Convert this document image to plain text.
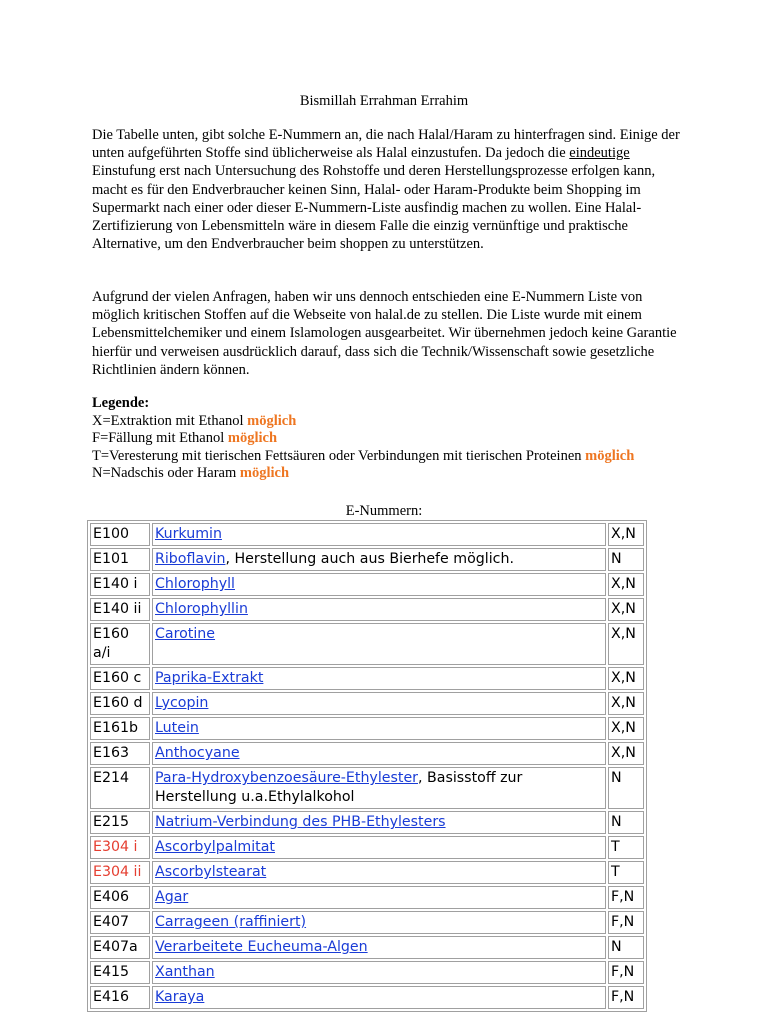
Bismillah Errahman Errahim

Die Tabelle unten, gibt solche E-Nummern an, die nach Halal/Haram zu hinterfragen sind. Einige der unten aufgeführten Stoffe sind üblicherweise als Halal einzustufen. Da jedoch die eindeutige Einstufung erst nach Untersuchung des Rohstoffe und deren Herstellungsprozesse erfolgen kann, macht es für den Endverbraucher keinen Sinn, Halal- oder Haram-Produkte beim Shopping im Supermarkt nach einer oder dieser E-Nummern-Liste ausfindig machen zu wollen. Eine Halal-Zertifizierung von Lebensmitteln wäre in diesem Falle die einzig vernünftige und praktische Alternative, um den Endverbraucher beim shoppen zu unterstützen.

Aufgrund der vielen Anfragen, haben wir uns dennoch entschieden eine E-Nummern Liste von möglich kritischen Stoffen auf die Webseite von halal.de zu stellen. Die Liste wurde mit einem Lebensmittelchemiker und einem Islamologen ausgearbeitet. Wir übernehmen jedoch keine Garantie hierfür und verweisen ausdrücklich darauf, dass sich die Technik/Wissenschaft sowie gesetzliche Richtlinien ändern können.

Legende:
X=Extraktion mit Ethanol möglich
F=Fällung mit Ethanol möglich
T=Veresterung mit tierischen Fettsäuren oder Verbindungen mit tierischen Proteinen möglich
N=Nadschis oder Haram möglich
E-Nummern:
E100	Kurkumin	X,N
E101	Riboflavin, Herstellung auch aus Bierhefe möglich.	N
E140 i	Chlorophyll	X,N
E140 ii	Chlorophyllin	X,N
E160 a/i	Carotine	X,N
E160 c	Paprika-Extrakt	X,N
E160 d	Lycopin	X,N
E161b	Lutein	X,N
E163	Anthocyane	X,N
E214	Para-Hydroxybenzoesäure-Ethylester, Basisstoff zur Herstellung u.a.Ethylalkohol	N
E215	Natrium-Verbindung des PHB-Ethylesters	N
E304 i	Ascorbylpalmitat	T
E304 ii	Ascorbylstearat	T
E406	Agar	F,N
E407	Carrageen (raffiniert)	F,N
E407a	Verarbeitete Eucheuma-Algen	N
E415	Xanthan	F,N
E416	Karaya	F,N
